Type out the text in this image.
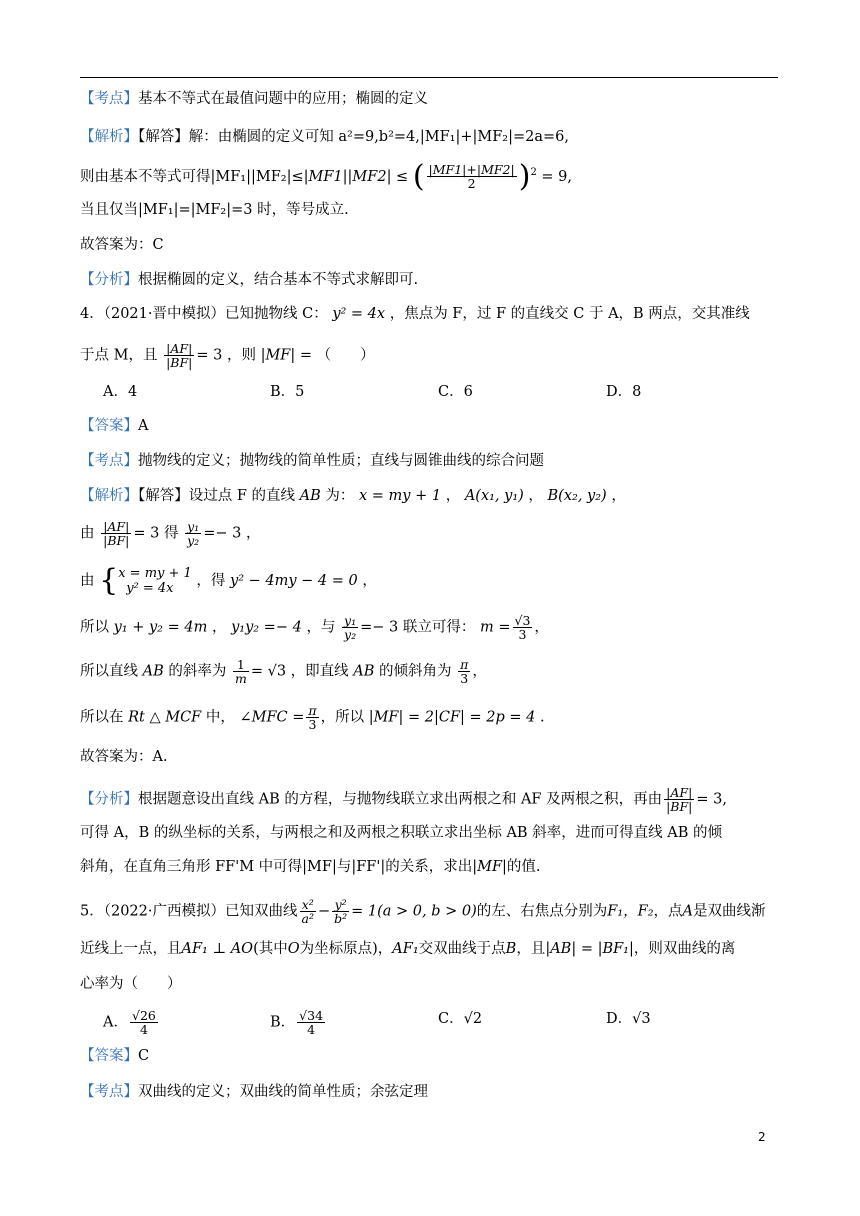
【考点】基本不等式在最值问题中的应用；椭圆的定义
【解析】【解答】解：由椭圆的定义可知 a²=9,b²=4,|MF₁|+|MF₂|=2a=6,
则由基本不等式可得|MF₁||MF₂|≤|MF1||MF2| ≤ ( $\frac{|MF1|+|MF2|}{2} )^2 = 9$,
当且仅当|MF₁|=|MF₂|=3 时，等号成立.
故答案为：C
【分析】根据椭圆的定义，结合基本不等式求解即可.
4．（2021·晋中模拟）已知抛物线 C： y² = 4x ，焦点为 F，过 F 的直线交 C 于 A，B 两点，交其准线
于点 M，且 $\frac{|AF|}{|BF|} = 3$ ，则 |MF| = （　　）
A．4	B．5	C．6	D．8
【答案】A
【考点】抛物线的定义；抛物线的简单性质；直线与圆锥曲线的综合问题
【解析】【解答】设过点 F 的直线 AB 为： x = my + 1 ， A(x₁, y₁) ， B(x₂, y₂) ，
由 $\frac{|AF|}{|BF|} = 3$ 得 $\frac{\text{y₁}}{\text{y₂}} =- 3$ ，
由 { x = my + 1
y² = 4x	，得 y² − 4my − 4 = 0 ，
所以 y₁ + y₂ = 4m ， y₁y₂ =− 4 ，与 $\frac{\text{y₁}}{\text{y₂}} =- 3$ 联立可得： $m = \frac{√3}{3}$ ，
所以直线 AB 的斜率为 $\frac{1}{m} = √3$ ，即直线 AB 的倾斜角为 $\frac{\pi}{3}$ ，
所以在 Rt △ MCF 中， ∠MFC = $\frac{\pi}{3}$ ，所以 |MF| = 2|CF| = 2p = 4 .
故答案为：A.
【分析】根据题意设出直线 AB 的方程，与抛物线联立求出两根之和 AF 及两根之积，再由 $\frac{|AF|}{|BF|} = 3$,
可得 A，B 的纵坐标的关系，与两根之和及两根之积联立求出坐标 AB 斜率，进而可得直线 AB 的倾
斜角，在直角三角形 FF'M 中可得|MF|与|FF'|的关系，求出|MF|的值.
5．（2022·广西模拟）已知双曲线 $\frac{\text{x²}}{\text{a²}} - \frac{\text{y²}}{\text{b²}} = 1(a > 0$, b > 0)的左、右焦点分别为F₁，F₂，点A是双曲线渐
近线上一点，且AF₁ ⊥ AO(其中O为坐标原点)，AF₁交双曲线于点B，且|AB| = |BF₁|，则双曲线的离
心率为（　　）
A． $\frac{√26}{4}$	B． $\frac{√34}{4}$	C．√2	D．√3
【答案】C
【考点】双曲线的定义；双曲线的简单性质；余弦定理
2
